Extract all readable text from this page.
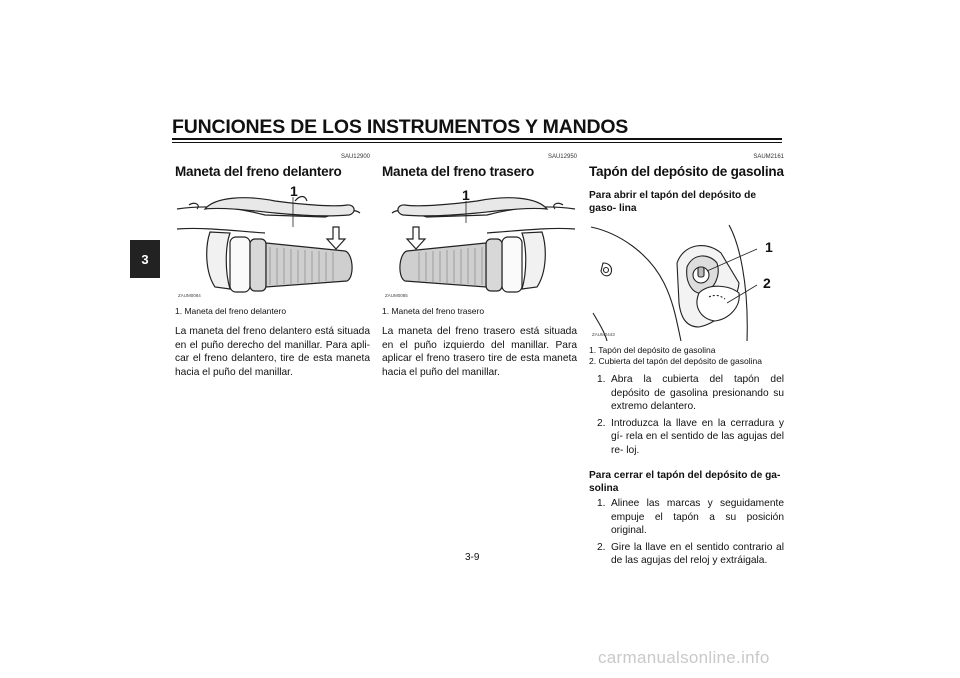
FUNCIONES DE LOS INSTRUMENTOS Y MANDOS
3
SAU12900
Maneta del freno delantero
1
ZAUM0084
1. Maneta del freno delantero

La maneta del freno delantero está situada en el puño derecho del manillar. Para apli- car el freno delantero, tire de esta maneta hacia el puño del manillar.

SAU12950
Maneta del freno trasero
1
ZAUM0085
1. Maneta del freno trasero

La maneta del freno trasero está situada en el puño izquierdo del manillar. Para aplicar el freno trasero tire de esta maneta hacia el puño del manillar.

SAUM2161
Tapón del depósito de gasolina
Para abrir el tapón del depósito de gaso- lina
1
2
ZAUM0443
1. Tapón del depósito de gasolina
2. Cubierta del tapón del depósito de gasolina
1. Abra la cubierta del tapón del depósito de gasolina presionando su extremo delantero.
2. Introduzca la llave en la cerradura y gí- rela en el sentido de las agujas del re- loj.
Para cerrar el tapón del depósito de ga- solina
1. Alinee las marcas y seguidamente empuje el tapón a su posición original.
2. Gire la llave en el sentido contrario al de las agujas del reloj y extráigala.
3-9
carmanualsonline.info
